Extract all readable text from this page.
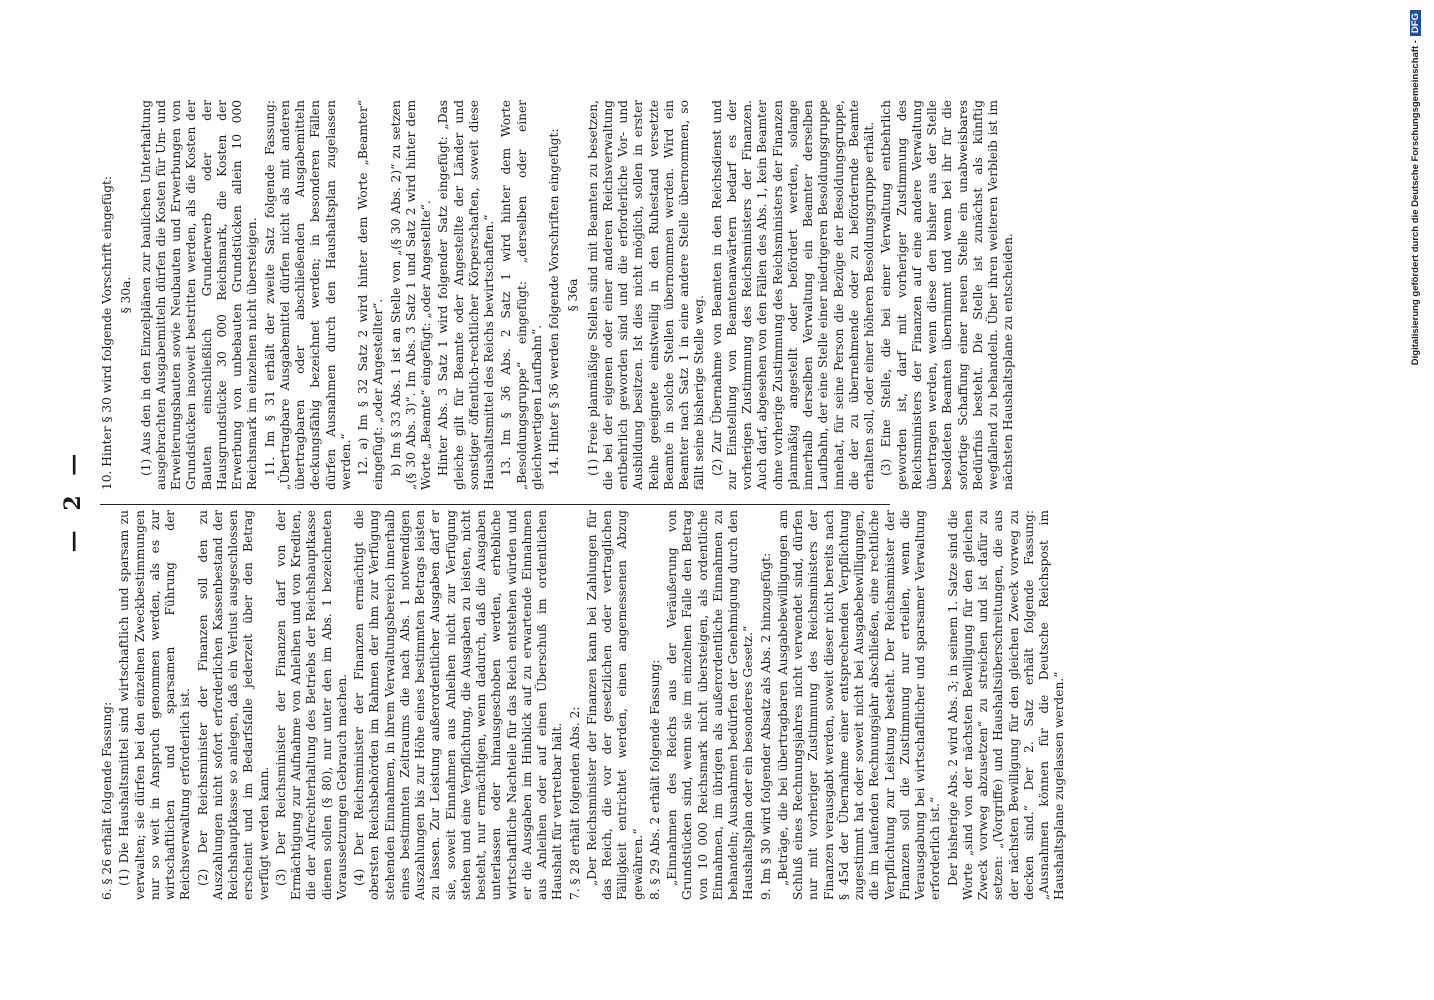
— 2 —

6. § 26 erhält folgende Fassung: (1) Die Haushaltsmittel sind wirtschaftlich und sparsam zu verwalten; sie dürfen bei den einzelnen Zweckbestimmungen nur so weit in Anspruch genommen werden, als es zur wirtschaftlichen und sparsamen Führung der Reichsverwaltung erforderlich ist. (2) Der Reichsminister der Finanzen soll den zu Auszahlungen nicht sofort erforderlichen Kassenbestand der Reichshauptkasse so anlegen, daß ein Verlust ausgeschlossen erscheint und im Bedarfsfalle jederzeit über den Betrag verfügt werden kann. (3) Der Reichsminister der Finanzen darf von der Ermächtigung zur Aufnahme von Anleihen und von Krediten, die der Aufrechterhaltung des Betriebs der Reichshauptkasse dienen sollen (§ 80), nur unter den im Abs. 1 bezeichneten Voraussetzungen Gebrauch machen. (4) Der Reichsminister der Finanzen ermächtigt die obersten Reichsbehörden im Rahmen der ihm zur Verfügung stehenden Einnahmen, in ihrem Verwaltungsbereich innerhalb eines bestimmten Zeitraums die nach Abs. 1 notwendigen Auszahlungen bis zur Höhe eines bestimmten Betrags leisten zu lassen. Zur Leistung außerordentlicher Ausgaben darf er sie, soweit Einnahmen aus Anleihen nicht zur Verfügung stehen und eine Verpflichtung, die Ausgaben zu leisten, nicht besteht, nur ermächtigen, wenn dadurch, daß die Ausgaben unterlassen oder hinausgeschoben werden, erhebliche wirtschaftliche Nachteile für das Reich entstehen würden und er die Ausgaben im Hinblick auf zu erwartende Einnahmen aus Anleihen oder auf einen Überschuß im ordentlichen Haushalt für vertretbar hält. 7. § 28 erhält folgenden Abs. 2: „Der Reichsminister der Finanzen kann bei Zahlungen für das Reich, die vor der gesetzlichen oder vertraglichen Fälligkeit entrichtet werden, einen angemessenen Abzug gewähren.“ 8. § 29 Abs. 2 erhält folgende Fassung: „Einnahmen des Reichs aus der Veräußerung von Grundstücken sind, wenn sie im einzelnen Falle den Betrag von 10 000 Reichsmark nicht übersteigen, als ordentliche Einnahmen, im übrigen als außerordentliche Einnahmen zu behandeln; Ausnahmen bedürfen der Genehmigung durch den Haushaltsplan oder ein besonderes Gesetz.“ 9. Im § 30 wird folgender Absatz als Abs. 2 hinzugefügt: „Beträge, die bei übertragbaren Ausgabebewilligungen am Schluß eines Rechnungsjahres nicht verwendet sind, dürfen nur mit vorheriger Zustimmung des Reichsministers der Finanzen verausgabt werden, soweit dieser nicht bereits nach § 45d der Übernahme einer entsprechenden Verpflichtung zugestimmt hat oder soweit nicht bei Ausgabebewilligungen, die im laufenden Rechnungsjahr abschließen, eine rechtliche Verpflichtung zur Leistung besteht. Der Reichsminister der Finanzen soll die Zustimmung nur erteilen, wenn die Verausgabung bei wirtschaftlicher und sparsamer Verwaltung erforderlich ist.“ Der bisherige Abs. 2 wird Abs. 3; in seinem 1. Satze sind die Worte „sind von der nächsten Bewilligung für den gleichen Zweck vorweg abzusetzen“ zu streichen und ist dafür zu setzen: „(Vorgriffe) und Haushaltsüberschreitungen, die aus der nächsten Bewilligung für den gleichen Zweck vorweg zu decken sind.“ Der 2. Satz erhält folgende Fassung: „Ausnahmen können für die Deutsche Reichspost im Haushaltsplane zugelassen werden.“

10. Hinter § 30 wird folgende Vorschrift eingefügt: § 30a. (1) Aus den in den Einzelplänen zur baulichen Unterhaltung ausgebrachten Ausgabemitteln dürfen die Kosten für Um- und Erweiterungsbauten sowie Neubauten und Erwerbungen von Grundstücken insoweit bestritten werden, als die Kosten der Bauten einschließlich Grunderwerb oder der Hausgrundstücke 30 000 Reichsmark, die Kosten der Erwerbung von unbebauten Grundstücken allein 10 000 Reichsmark im einzelnen nicht übersteigen. 11. Im § 31 erhält der zweite Satz folgende Fassung: „Übertragbare Ausgabemittel dürfen nicht als mit anderen übertragbaren oder abschließenden Ausgabemitteln deckungsfähig bezeichnet werden; in besonderen Fällen dürfen Ausnahmen durch den Haushaltsplan zugelassen werden.“ 12. a) Im § 32 Satz 2 wird hinter dem Worte „Beamter“ eingefügt: „oder Angestellter“. b) Im § 33 Abs. 1 ist an Stelle von „(§ 30 Abs. 2)“ zu setzen „(§ 30 Abs. 3)“. Im Abs. 3 Satz 1 und Satz 2 wird hinter dem Worte „Beamte“ eingefügt: „oder Angestellte“. Hinter Abs. 3 Satz 1 wird folgender Satz eingefügt: „Das gleiche gilt für Beamte oder Angestellte der Länder und sonstiger öffentlich-rechtlicher Körperschaften, soweit diese Haushaltsmittel des Reichs bewirtschaften.“ 13. Im § 36 Abs. 2 Satz 1 wird hinter dem Worte „Besoldungsgruppe“ eingefügt: „derselben oder einer gleichwertigen Laufbahn“. 14. Hinter § 36 werden folgende Vorschriften eingefügt: § 36a (1) Freie planmäßige Stellen sind mit Beamten zu besetzen, die bei der eigenen oder einer anderen Reichsverwaltung entbehrlich geworden sind und die erforderliche Vor- und Ausbildung besitzen. Ist dies nicht möglich, sollen in erster Reihe geeignete einstweilig in den Ruhestand versetzte Beamte in solche Stellen übernommen werden. Wird ein Beamter nach Satz 1 in eine andere Stelle übernommen, so fällt seine bisherige Stelle weg. (2) Zur Übernahme von Beamten in den Reichsdienst und zur Einstellung von Beamtenanwärtern bedarf es der vorherigen Zustimmung des Reichsministers der Finanzen. Auch darf, abgesehen von den Fällen des Abs. 1, kein Beamter ohne vorherige Zustimmung des Reichsministers der Finanzen planmäßig angestellt oder befördert werden, solange innerhalb derselben Verwaltung ein Beamter derselben Laufbahn, der eine Stelle einer niedrigeren Besoldungsgruppe innehat, für seine Person die Bezüge der Besoldungsgruppe, die der zu übernehmende oder zu befördernde Beamte erhalten soll, oder einer höheren Besoldungsgruppe erhält. (3) Eine Stelle, die bei einer Verwaltung entbehrlich geworden ist, darf mit vorheriger Zustimmung des Reichsministers der Finanzen auf eine andere Verwaltung übertragen werden, wenn diese den bisher aus der Stelle besoldeten Beamten übernimmt und wenn bei ihr für die sofortige Schaffung einer neuen Stelle ein unabweisbares Bedürfnis besteht. Die Stelle ist zunächst als künftig wegfallend zu behandeln. Über ihren weiteren Verbleib ist im nächsten Haushaltsplane zu entscheiden.	Digitalisierung gefördert durch die Deutsche Forschungsgemeinschaft -DFG
